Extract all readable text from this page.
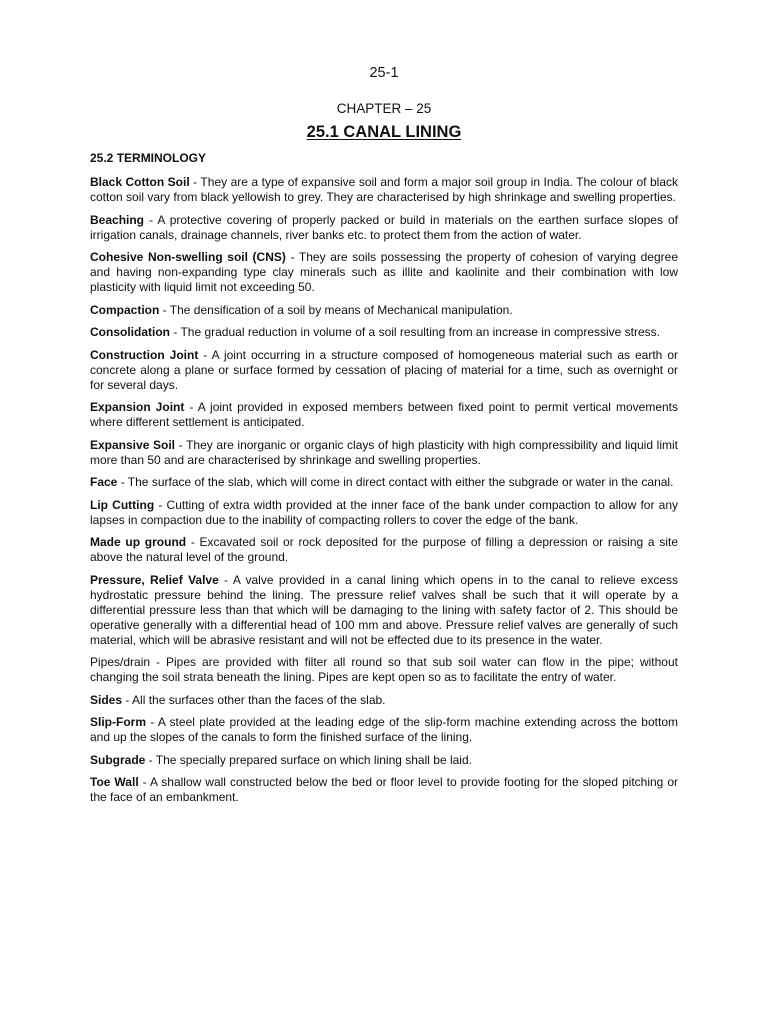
25-1
CHAPTER – 25
25.1 CANAL LINING
25.2 TERMINOLOGY

Black Cotton Soil - They are a type of expansive soil and form a major soil group in India. The colour of black cotton soil vary from black yellowish to grey. They are characterised by high shrinkage and swelling properties.

Beaching - A protective covering of properly packed or build in materials on the earthen surface slopes of irrigation canals, drainage channels, river banks etc. to protect them from the action of water.

Cohesive Non-swelling soil (CNS) - They are soils possessing the property of cohesion of varying degree and having non-expanding type clay minerals such as illite and kaolinite and their combination with low plasticity with liquid limit not exceeding 50.

Compaction - The densification of a soil by means of Mechanical manipulation.

Consolidation - The gradual reduction in volume of a soil resulting from an increase in compressive stress.

Construction Joint - A joint occurring in a structure composed of homogeneous material such as earth or concrete along a plane or surface formed by cessation of placing of material for a time, such as overnight or for several days.

Expansion Joint - A joint provided in exposed members between fixed point to permit vertical movements where different settlement is anticipated.

Expansive Soil - They are inorganic or organic clays of high plasticity with high compressibility and liquid limit more than 50 and are characterised by shrinkage and swelling properties.

Face - The surface of the slab, which will come in direct contact with either the subgrade or water in the canal.

Lip Cutting - Cutting of extra width provided at the inner face of the bank under compaction to allow for any lapses in compaction due to the inability of compacting rollers to cover the edge of the bank.

Made up ground - Excavated soil or rock deposited for the purpose of filling a depression or raising a site above the natural level of the ground.

Pressure, Relief Valve - A valve provided in a canal lining which opens in to the canal to relieve excess hydrostatic pressure behind the lining. The pressure relief valves shall be such that it will operate by a differential pressure less than that which will be damaging to the lining with safety factor of 2. This should be operative generally with a differential head of 100 mm and above. Pressure relief valves are generally of such material, which will be abrasive resistant and will not be effected due to its presence in the water.

Pipes/drain - Pipes are provided with filter all round so that sub soil water can flow in the pipe; without changing the soil strata beneath the lining. Pipes are kept open so as to facilitate the entry of water.

Sides - All the surfaces other than the faces of the slab.

Slip-Form - A steel plate provided at the leading edge of the slip-form machine extending across the bottom and up the slopes of the canals to form the finished surface of the lining.

Subgrade - The specially prepared surface on which lining shall be laid.

Toe Wall - A shallow wall constructed below the bed or floor level to provide footing for the sloped pitching or the face of an embankment.
